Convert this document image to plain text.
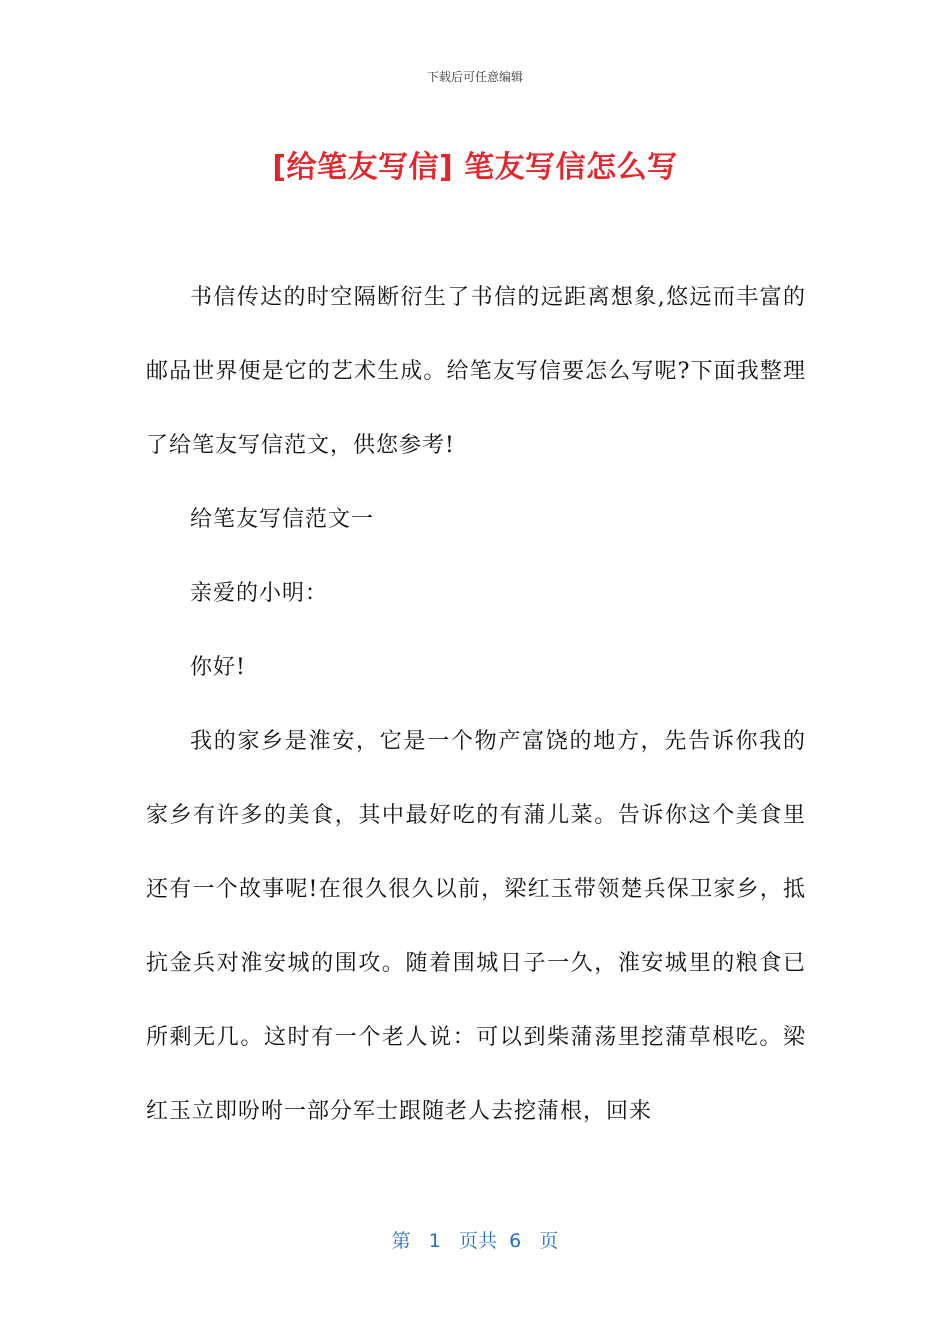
下载后可任意编辑
[给笔友写信] 笔友写信怎么写

书信传达的时空隔断衍生了书信的远距离想象,悠远而丰富的邮品世界便是它的艺术生成。给笔友写信要怎么写呢?下面我整理了给笔友写信范文，供您参考!

给笔友写信范文一

亲爱的小明：

你好!

我的家乡是淮安，它是一个物产富饶的地方，先告诉你我的家乡有许多的美食，其中最好吃的有蒲儿菜。告诉你这个美食里还有一个故事呢!在很久很久以前，梁红玉带领楚兵保卫家乡，抵抗金兵对淮安城的围攻。随着围城日子一久，淮安城里的粮食已所剩无几。这时有一个老人说：可以到柴蒲荡里挖蒲草根吃。梁红玉立即吩咐一部分军士跟随老人去挖蒲根，回来

第 1 页共 6 页
